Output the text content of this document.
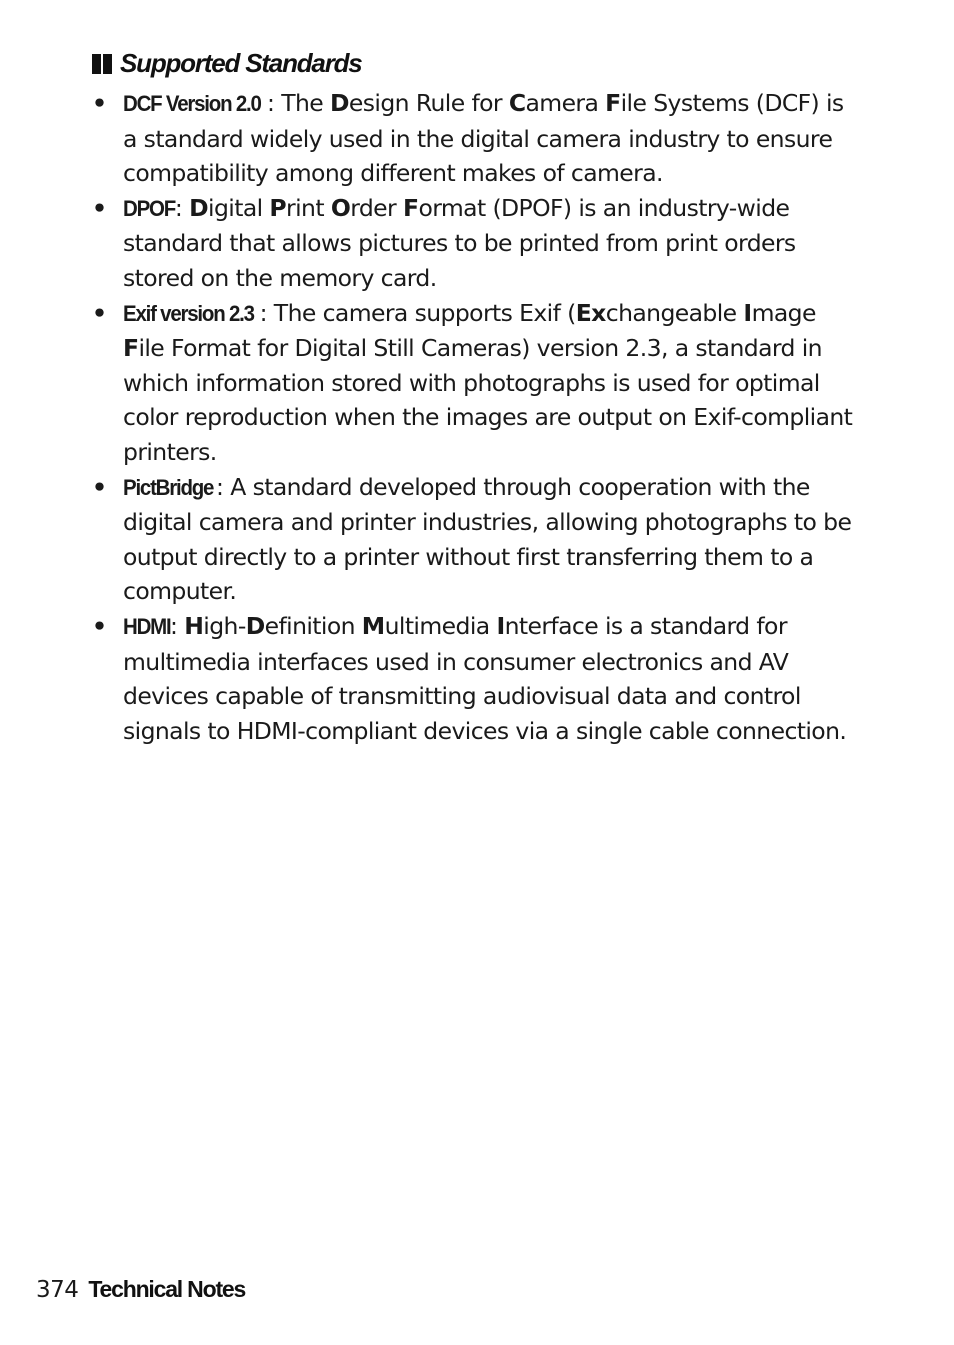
Supported Standards
• DCF Version 2.0 : The Design Rule for Camera File Systems (DCF) is a standard widely used in the digital camera industry to ensure compatibility among different makes of camera.
• DPOF: Digital Print Order Format (DPOF) is an industry-wide standard that allows pictures to be printed from print orders stored on the memory card.
• Exif version 2.3 : The camera supports Exif (Exchangeable Image File Format for Digital Still Cameras) version 2.3, a standard in which information stored with photographs is used for optimal color reproduction when the images are output on Exif-compliant printers.
• PictBridge : A standard developed through cooperation with the digital camera and printer industries, allowing photographs to be output directly to a printer without first transferring them to a computer.
• HDMI: High-Definition Multimedia Interface is a standard for multimedia interfaces used in consumer electronics and AV devices capable of transmitting audiovisual data and control signals to HDMI-compliant devices via a single cable connection.
374 Technical Notes
